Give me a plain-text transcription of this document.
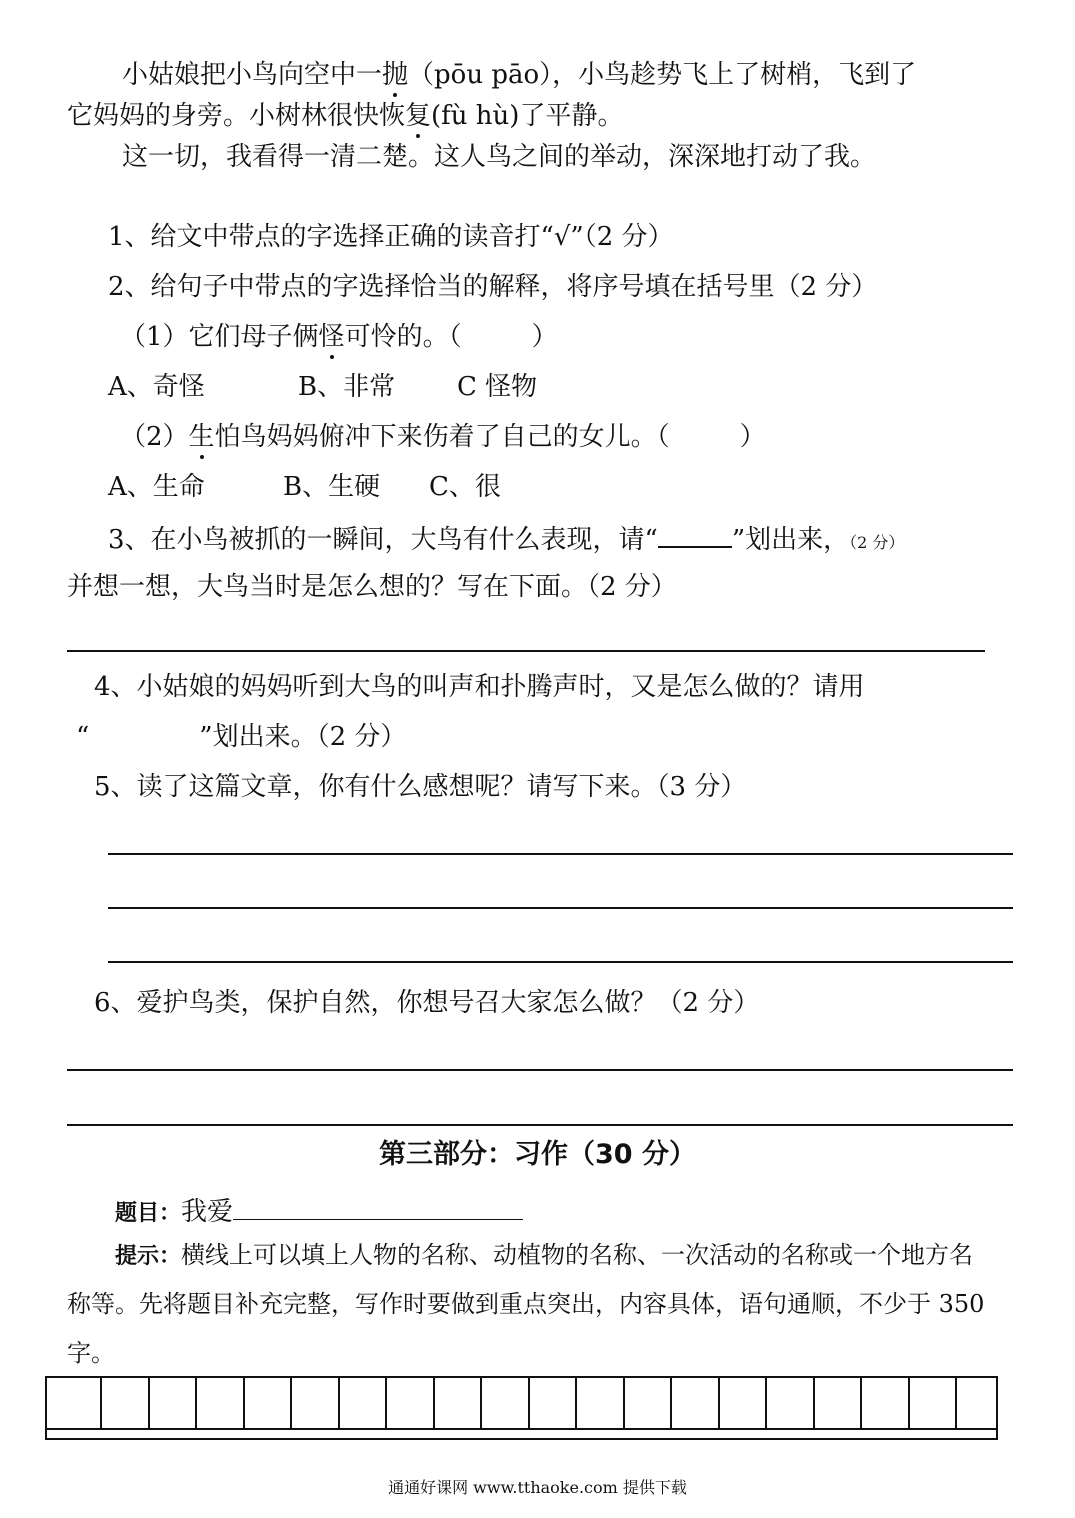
小姑娘把小鸟向空中一抛（pōu pāo），小鸟趁势飞上了树梢，飞到了
它妈妈的身旁。小树林很快恢复(fù hù)了平静。
这一切，我看得一清二楚。这人鸟之间的举动，深深地打动了我。
1、给文中带点的字选择正确的读音打“√”（2 分）
2、给句子中带点的字选择恰当的解释，将序号填在括号里（2 分）
（1）它们母子俩怪可怜的。（	）
A、奇怪	B、非常 C 怪物
（2）生怕鸟妈妈俯冲下来伤着了自己的女儿。（	）
A、生命	B、生硬 C、很
3、在小鸟被抓的一瞬间，大鸟有什么表现，请“	”划出来，（2 分）
并想一想，大鸟当时是怎么想的？写在下面。（2 分）
4、小姑娘的妈妈听到大鸟的叫声和扑腾声时，又是怎么做的？请用
“	”划出来。（2 分）
5、读了这篇文章，你有什么感想呢？请写下来。（3 分）
6、爱护鸟类，保护自然，你想号召大家怎么做？（2 分）
第三部分：习作（30 分）
题目：我爱
提示：横线上可以填上人物的名称、动植物的名称、一次活动的名称或一个地方名
称等。先将题目补充完整，写作时要做到重点突出，内容具体，语句通顺，不少于 350
字。
通通好课网 www.tthaoke.com 提供下载
